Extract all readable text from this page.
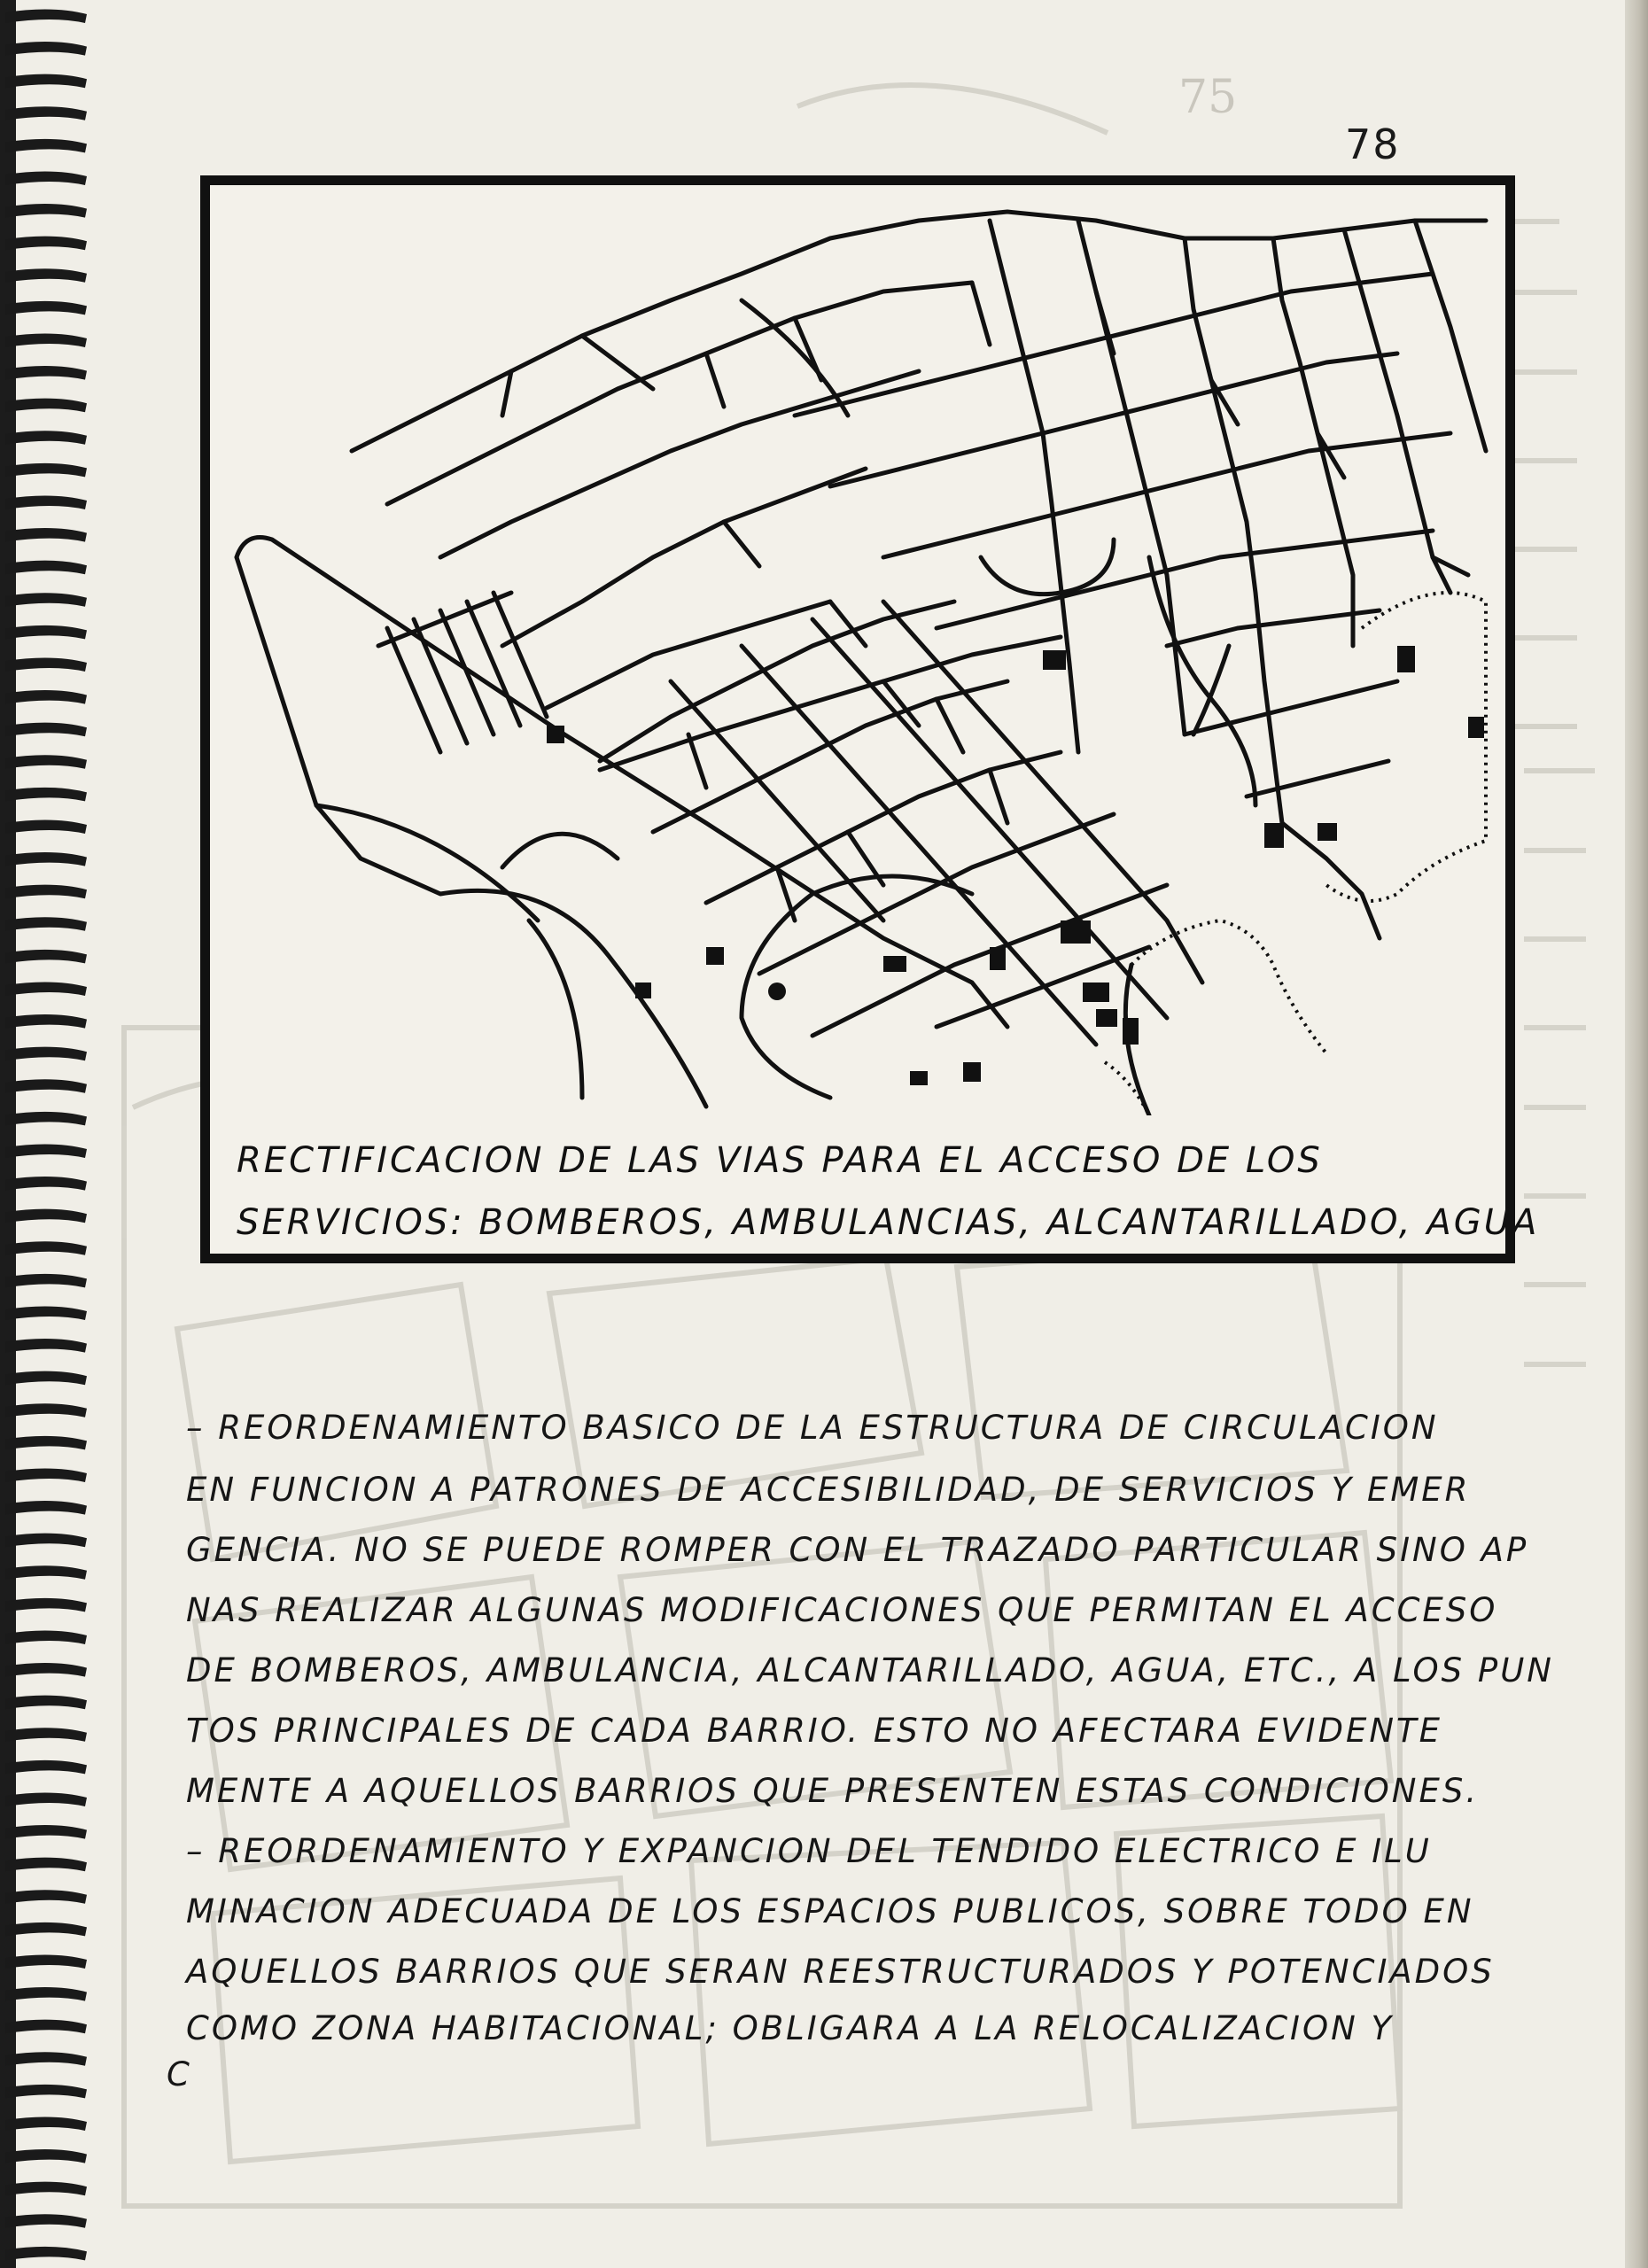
75
78
RECTIFICACION DE LAS VIAS PARA EL ACCESO DE LOS
SERVICIOS: BOMBEROS, AMBULANCIAS, ALCANTARILLADO, AGUA
– REORDENAMIENTO BASICO DE LA ESTRUCTURA DE CIRCULACION
EN FUNCION A PATRONES DE ACCESIBILIDAD, DE SERVICIOS Y EMER
GENCIA. NO SE PUEDE ROMPER CON EL TRAZADO PARTICULAR SINO AP
NAS REALIZAR ALGUNAS MODIFICACIONES QUE PERMITAN EL ACCESO
DE BOMBEROS, AMBULANCIA, ALCANTARILLADO, AGUA, ETC., A LOS PUN
TOS PRINCIPALES DE CADA BARRIO. ESTO NO AFECTARA EVIDENTE
MENTE A AQUELLOS BARRIOS QUE PRESENTEN ESTAS CONDICIONES.
– REORDENAMIENTO Y EXPANCION DEL TENDIDO ELECTRICO E ILU
MINACION ADECUADA DE LOS ESPACIOS PUBLICOS, SOBRE TODO EN
AQUELLOS BARRIOS QUE SERAN REESTRUCTURADOS Y POTENCIADOS
COMO ZONA HABITACIONAL; OBLIGARA A LA RELOCALIZACION Y
C
